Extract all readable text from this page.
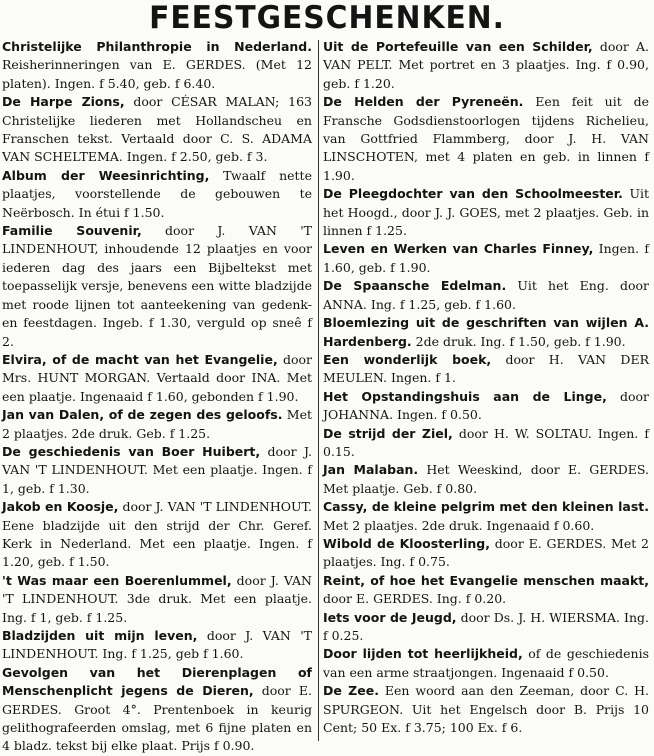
FEESTGESCHENKEN.

Christelijke Philanthropie in Nederland. Reisherinneringen van E. GERDES. (Met 12 platen). Ingen. f 5.40, geb. f 6.40.

De Harpe Zions, door CÉSAR MALAN; 163 Christelijke liederen met Hollandscheu en Franschen tekst. Vertaald door C. S. ADAMA VAN SCHELTEMA. Ingen. f 2.50, geb. f 3.

Album der Weesinrichting, Twaalf nette plaatjes, voorstellende de gebouwen te Neërbosch. In étui f 1.50.

Familie Souvenir, door J. VAN 'T LINDENHOUT, inhoudende 12 plaatjes en voor iederen dag des jaars een Bijbeltekst met toepasselijk versje, benevens een witte bladzijde met roode lijnen tot aanteekening van gedenk- en feestdagen. Ingeb. f 1.30, verguld op sneê f 2.

Elvira, of de macht van het Evangelie, door Mrs. HUNT MORGAN. Vertaald door INA. Met een plaatje. Ingenaaid f 1.60, gebonden f 1.90.

Jan van Dalen, of de zegen des geloofs. Met 2 plaatjes. 2de druk. Geb. f 1.25.

De geschiedenis van Boer Huibert, door J. VAN 'T LINDENHOUT. Met een plaatje. Ingen. f 1, geb. f 1.30.

Jakob en Koosje, door J. VAN 'T LINDENHOUT. Eene bladzijde uit den strijd der Chr. Geref. Kerk in Nederland. Met een plaatje. Ingen. f 1.20, geb. f 1.50.

't Was maar een Boerenlummel, door J. VAN 'T LINDENHOUT. 3de druk. Met een plaatje. Ing. f 1, geb. f 1.25.

Bladzijden uit mijn leven, door J. VAN 'T LINDENHOUT. Ing. f 1.25, geb f 1.60.

Gevolgen van het Dierenplagen of Menschenplicht jegens de Dieren, door E. GERDES. Groot 4°. Prentenboek in keurig gelithografeerden omslag, met 6 fijne platen en 4 bladz. tekst bij elke plaat. Prijs f 0.90.

Uit de Portefeuille van een Schilder, door A. VAN PELT. Met portret en 3 plaatjes. Ing. f 0.90, geb. f 1.20.

De Helden der Pyreneën. Een feit uit de Fransche Godsdienstoorlogen tijdens Richelieu, van Gottfried Flammberg, door J. H. VAN LINSCHOTEN, met 4 platen en geb. in linnen f 1.90.

De Pleegdochter van den Schoolmeester. Uit het Hoogd., door J. J. GOES, met 2 plaatjes. Geb. in linnen f 1.25.

Leven en Werken van Charles Finney, Ingen. f 1.60, geb. f 1.90.

De Spaansche Edelman. Uit het Eng. door ANNA. Ing. f 1.25, geb. f 1.60.

Bloemlezing uit de geschriften van wijlen A. Hardenberg. 2de druk. Ing. f 1.50, geb. f 1.90.

Een wonderlijk boek, door H. VAN DER MEULEN. Ingen. f 1.

Het Opstandingshuis aan de Linge, door JOHANNA. Ingen. f 0.50.

De strijd der Ziel, door H. W. SOLTAU. Ingen. f 0.15.

Jan Malaban. Het Weeskind, door E. GERDES. Met plaatje. Geb. f 0.80.

Cassy, de kleine pelgrim met den kleinen last. Met 2 plaatjes. 2de druk. Ingenaaid f 0.60.

Wibold de Kloosterling, door E. GERDES. Met 2 plaatjes. Ing. f 0.75.

Reint, of hoe het Evangelie menschen maakt, door E. GERDES. Ing. f 0.20.

Iets voor de Jeugd, door Ds. J. H. WIERSMA. Ing. f 0.25.

Door lijden tot heerlijkheid, of de geschiedenis van een arme straatjongen. Ingenaaid f 0.50.

De Zee. Een woord aan den Zeeman, door C. H. SPURGEON. Uit het Engelsch door B. Prijs 10 Cent; 50 Ex. f 3.75; 100 Ex. f 6.
